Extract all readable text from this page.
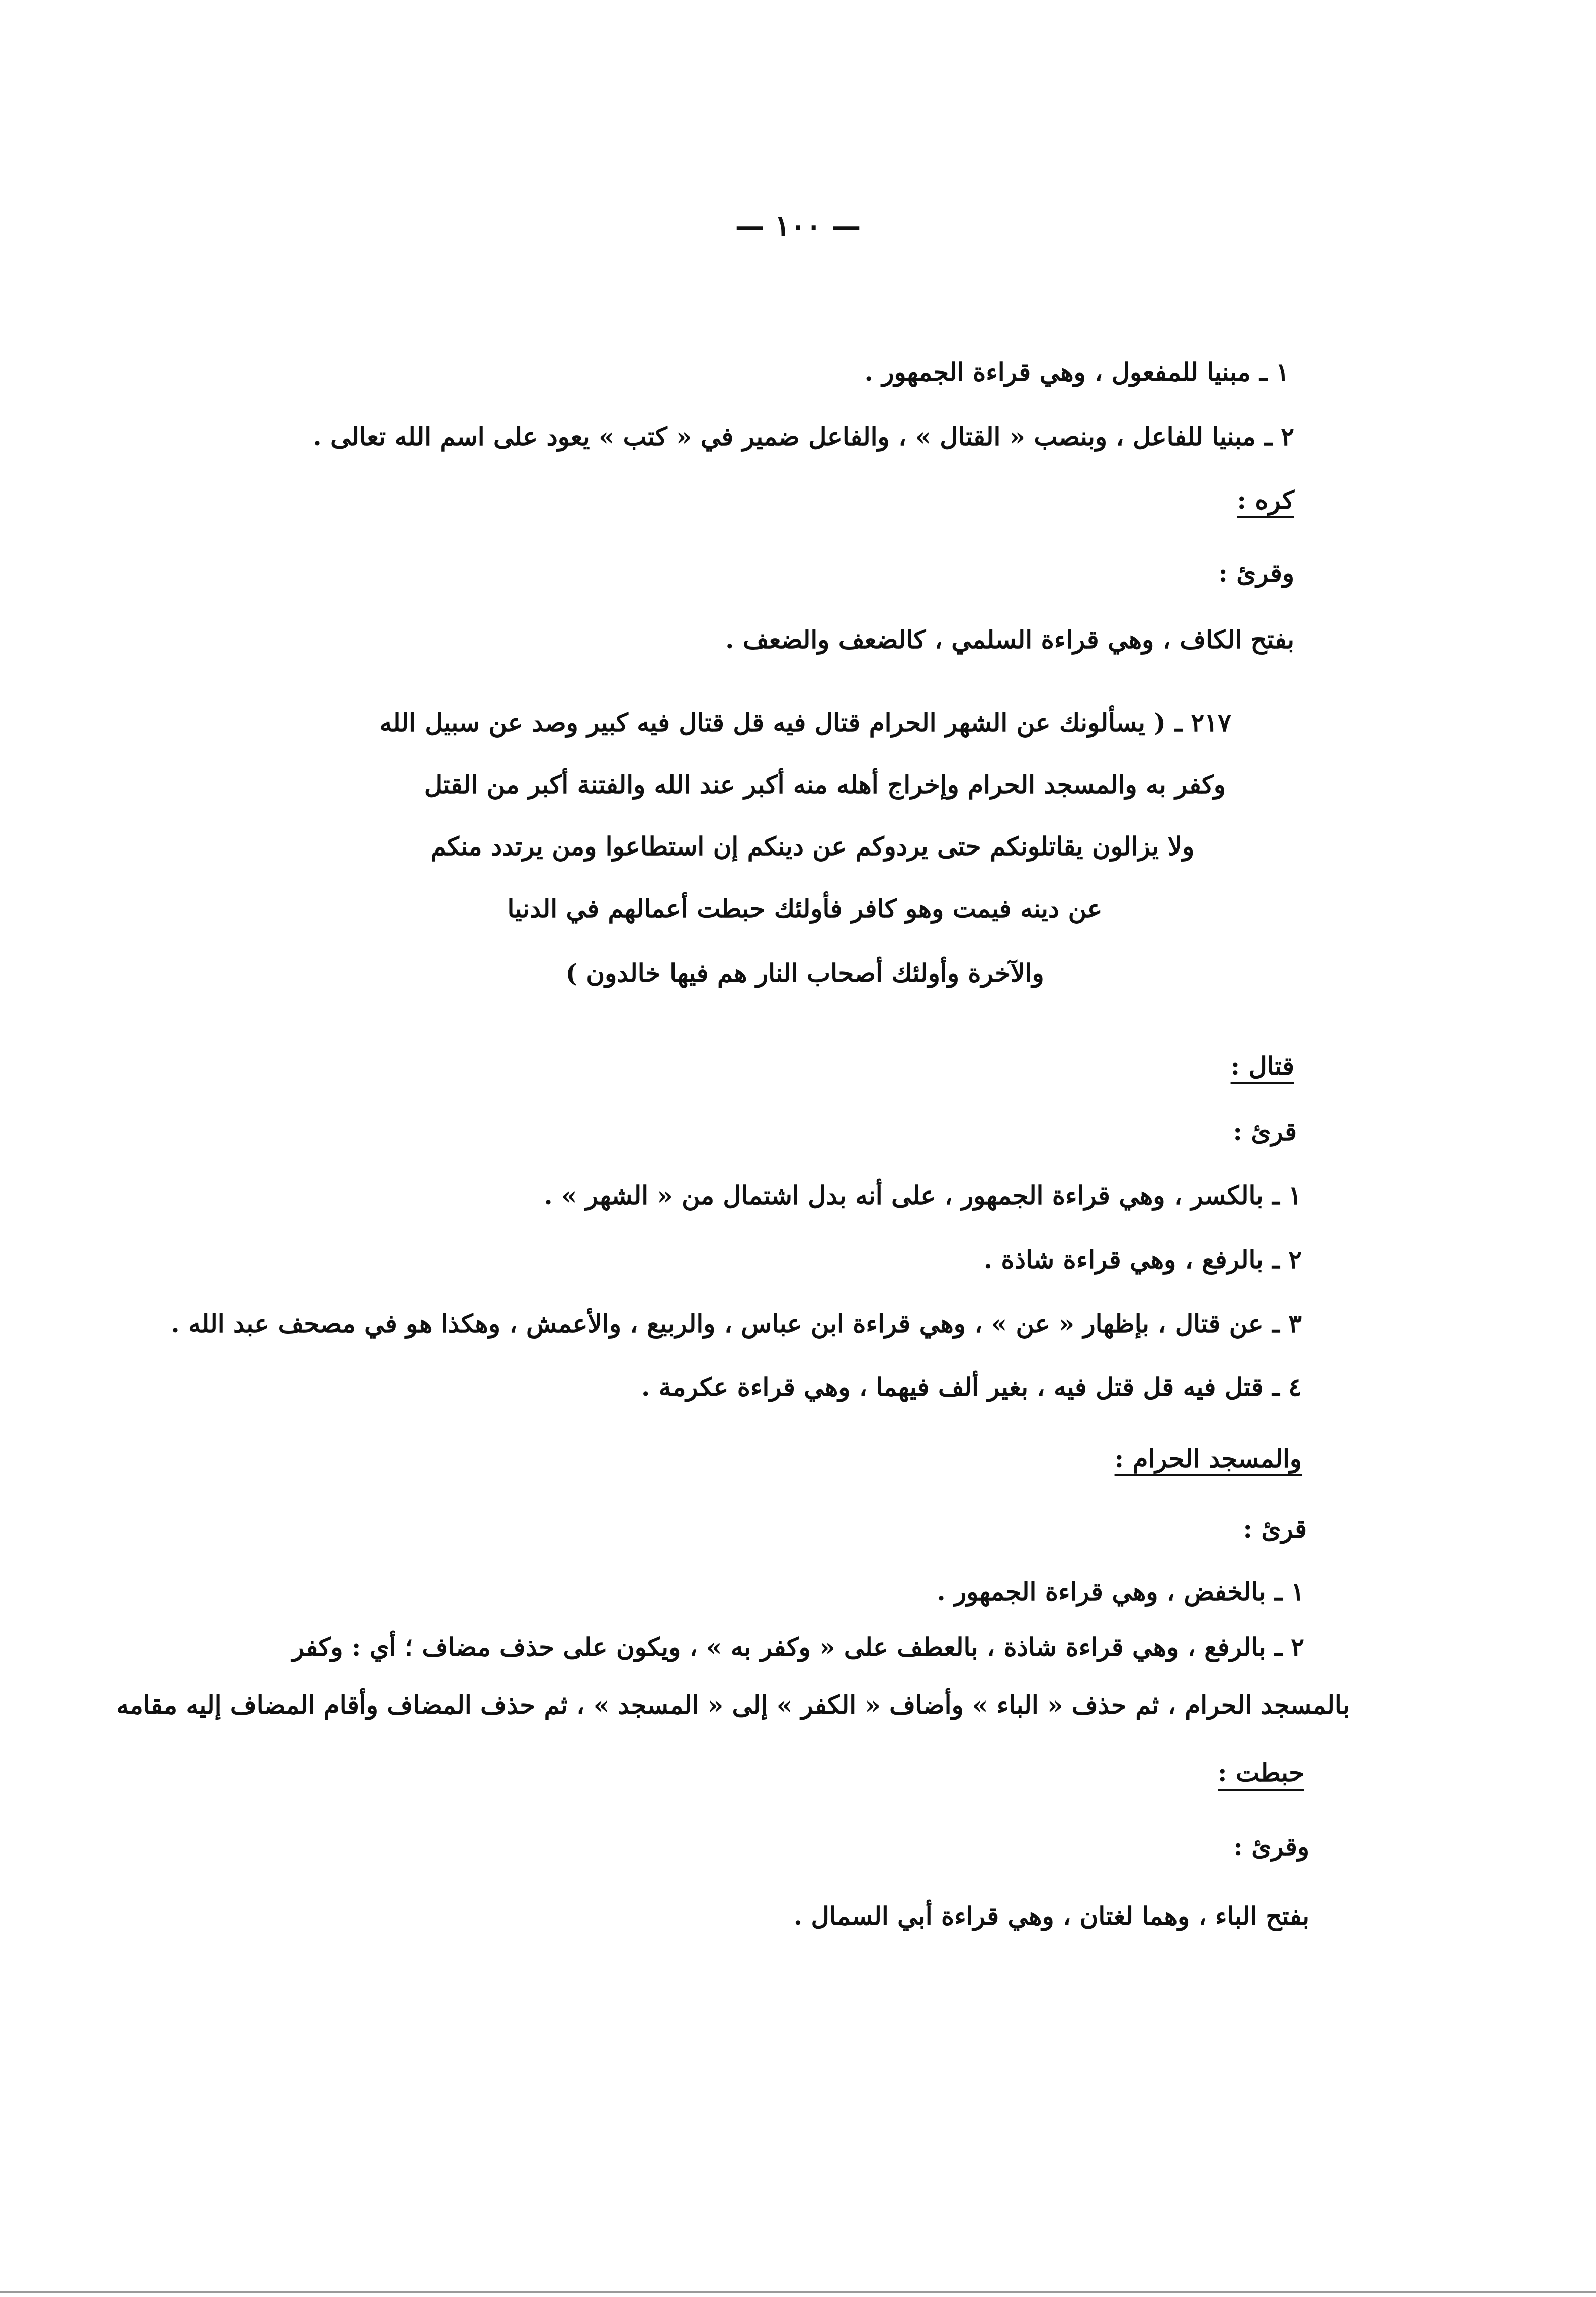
— ١٠٠ —
١ ـ مبنيا للمفعول ، وهي قراءة الجمهور .
٢ ـ مبنيا للفاعل ، وبنصب « القتال » ، والفاعل ضمير في « كتب » يعود على اسم الله تعالى .
كره :
وقرئ :
بفتح الكاف ، وهي قراءة السلمي ، كالضعف والضعف .
٢١٧ ـ ( يسألونك عن الشهر الحرام قتال فيه قل قتال فيه كبير وصد عن سبيل الله
وكفر به والمسجد الحرام وإخراج أهله منه أكبر عند الله والفتنة أكبر من القتل
ولا يزالون يقاتلونكم حتى يردوكم عن دينكم إن استطاعوا ومن يرتدد منكم
عن دينه فيمت وهو كافر فأولئك حبطت أعمالهم في الدنيا
والآخرة وأولئك أصحاب النار هم فيها خالدون )
قتال :
قرئ :
١ ـ بالكسر ، وهي قراءة الجمهور ، على أنه بدل اشتمال من « الشهر » .
٢ ـ بالرفع ، وهي قراءة شاذة .
٣ ـ عن قتال ، بإظهار « عن » ، وهي قراءة ابن عباس ، والربيع ، والأعمش ، وهكذا هو في مصحف عبد الله .
٤ ـ قتل فيه قل قتل فيه ، بغير ألف فيهما ، وهي قراءة عكرمة .
والمسجد الحرام :
قرئ :
١ ـ بالخفض ، وهي قراءة الجمهور .
٢ ـ بالرفع ، وهي قراءة شاذة ، بالعطف على « وكفر به » ، ويكون على حذف مضاف ؛ أي : وكفر
بالمسجد الحرام ، ثم حذف « الباء » وأضاف « الكفر » إلى « المسجد » ، ثم حذف المضاف وأقام المضاف إليه مقامه
حبطت :
وقرئ :
بفتح الباء ، وهما لغتان ، وهي قراءة أبي السمال .
